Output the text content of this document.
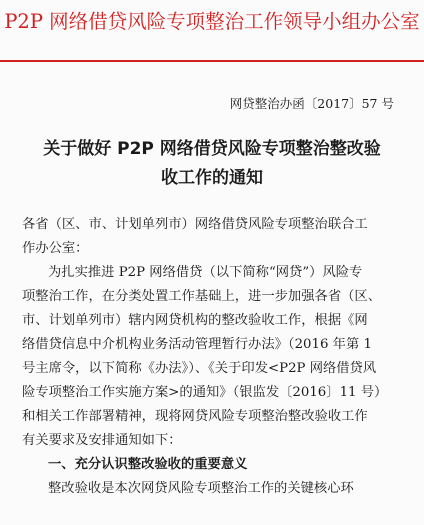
P2P 网络借贷风险专项整治工作领导小组办公室
网贷整治办函〔2017〕57 号
关于做好 P2P 网络借贷风险专项整治整改验
收工作的通知
各省（区、市、计划单列市）网络借贷风险专项整治联合工
作办公室：
为扎实推进 P2P 网络借贷（以下简称“网贷”）风险专
项整治工作，在分类处置工作基础上，进一步加强各省（区、
市、计划单列市）辖内网贷机构的整改验收工作，根据《网
络借贷信息中介机构业务活动管理暂行办法》（2016 年第 1
号主席令，以下简称《办法》）、《关于印发<P2P 网络借贷风
险专项整治工作实施方案>的通知》（银监发〔2016〕11 号）
和相关工作部署精神，现将网贷风险专项整治整改验收工作
有关要求及安排通知如下：
一、充分认识整改验收的重要意义
整改验收是本次网贷风险专项整治工作的关键核心环
